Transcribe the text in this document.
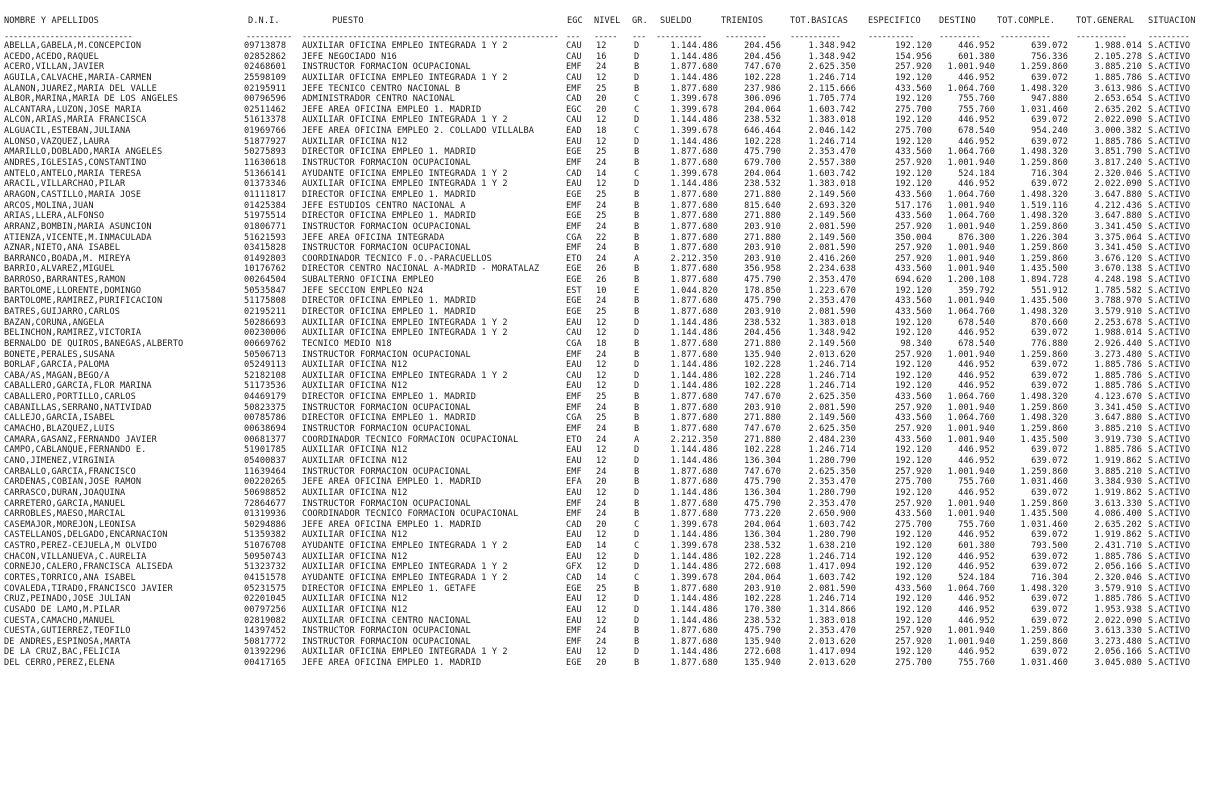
NOMBRE Y APELLIDOS	D.N.I.	PUESTO	EGC	NIVEL	GR.	SUELDO	TRIENIOS	TOT.BASICAS	ESPECIFICO	DESTINO	TOT.COMPLE.	TOT.GENERAL	SITUACION
----------------------------	----------	-------------------------------------------------------- ---	-----	---	----------	---------	-----------	----------	---------	-----------	-----------	---------
ABELLA,GABELA,M.CONCEPCION	09713878	AUXILIAR OFICINA EMPLEO INTEGRADA 1 Y 2	CAU	12	D	1.144.486	204.456	1.348.942	192.120	446.952	639.072	1.988.014 S.ACTIVO
ACEDO,ACEDO,RAQUEL	02852862	JEFE NEGOCIADO N16	CAU	16	D	1.144.486	204.456	1.348.942	154.956	601.380	756.336	2.105.278 S.ACTIVO
ACERO,VILLAN,JAVIER	02468601	INSTRUCTOR FORMACION OCUPACIONAL	EMF	24	B	1.877.680	747.670	2.625.350	257.920	1.001.940	1.259.860	3.885.210 S.ACTIVO
AGUILA,CALVACHE,MARIA-CARMEN	25598109	AUXILIAR OFICINA EMPLEO INTEGRADA 1 Y 2	CAU	12	D	1.144.486	102.228	1.246.714	192.120	446.952	639.072	1.885.786 S.ACTIVO
ALANON,JUAREZ,MARIA DEL VALLE	02195911	JEFE TECNICO CENTRO NACIONAL B	EMF	25	B	1.877.680	237.986	2.115.666	433.560	1.064.760	1.498.320	3.613.986 S.ACTIVO
ALBOR,MARINA,MARIA DE LOS ANGELES	00796596	ADMINISTRADOR CENTRO NACIONAL	CAD	20	C	1.399.678	306.096	1.705.774	192.120	755.760	947.880	2.653.654 S.ACTIVO
ALCANTARA,LUZON,JOSE MARIA	02511462	JEFE AREA OFICINA EMPLEO 1. MADRID	EGC	20	C	1.399.678	204.064	1.603.742	275.700	755.760	1.031.460	2.635.202 S.ACTIVO
ALCON,ARIAS,MARIA FRANCISCA	51613378	AUXILIAR OFICINA EMPLEO INTEGRADA 1 Y 2	CAU	12	D	1.144.486	238.532	1.383.018	192.120	446.952	639.072	2.022.090 S.ACTIVO
ALGUACIL,ESTEBAN,JULIANA	01969766	JEFE AREA OFICINA EMPLEO 2. COLLADO VILLALBA	EAD	18	C	1.399.678	646.464	2.046.142	275.700	678.540	954.240	3.000.382 S.ACTIVO
ALONSO,VAZQUEZ,LAURA	51877927	AUXILIAR OFICINA N12	EAU	12	D	1.144.486	102.228	1.246.714	192.120	446.952	639.072	1.885.786 S.ACTIVO
AMARILLO,DOBLADO,MARIA ANGELES	50275893	DIRECTOR OFICINA EMPLEO 1. MADRID	EGE	25	B	1.877.680	475.790	2.353.470	433.560	1.064.760	1.498.320	3.851.790 S.ACTIVO
ANDRES,IGLESIAS,CONSTANTINO	11630618	INSTRUCTOR FORMACION OCUPACIONAL	EMF	24	B	1.877.680	679.700	2.557.380	257.920	1.001.940	1.259.860	3.817.240 S.ACTIVO
ANTELO,ANTELO,MARIA TERESA	51366141	AYUDANTE OFICINA EMPLEO INTEGRADA 1 Y 2	CAD	14	C	1.399.678	204.064	1.603.742	192.120	524.184	716.304	2.320.046 S.ACTIVO
ARACIL,VILLARCHAO,PILAR	01373346	AUXILIAR OFICINA EMPLEO INTEGRADA 1 Y 2	EAU	12	D	1.144.486	238.532	1.383.018	192.120	446.952	639.072	2.022.090 S.ACTIVO
ARAGON,CASTILLO,MARIA JOSE	01111817	DIRECTOR OFICINA EMPLEO 1. MADRID	EGE	25	B	1.877.680	271.880	2.149.560	433.560	1.064.760	1.498.320	3.647.880 S.ACTIVO
ARCOS,MOLINA,JUAN	01425384	JEFE ESTUDIOS CENTRO NACIONAL A	EMF	24	B	1.877.680	815.640	2.693.320	517.176	1.001.940	1.519.116	4.212.436 S.ACTIVO
ARIAS,LLERA,ALFONSO	51975514	DIRECTOR OFICINA EMPLEO 1. MADRID	EGE	25	B	1.877.680	271.880	2.149.560	433.560	1.064.760	1.498.320	3.647.880 S.ACTIVO
ARRANZ,BOMBIN,MARIA ASUNCION	01806771	INSTRUCTOR FORMACION OCUPACIONAL	EMF	24	B	1.877.680	203.910	2.081.590	257.920	1.001.940	1.259.860	3.341.450 S.ACTIVO
ATIENZA,VICENTE,M.INMACULADA	51621593	JEFE AREA OFICINA INTEGRADA	CGA	22	B	1.877.680	271.880	2.149.560	350.004	876.300	1.226.304	3.375.064 S.ACTIVO
AZNAR,NIETO,ANA ISABEL	03415828	INSTRUCTOR FORMACION OCUPACIONAL	EMF	24	B	1.877.680	203.910	2.081.590	257.920	1.001.940	1.259.860	3.341.450 S.ACTIVO
BARRANCO,BOADA,M. MIREYA	01492803	COORDINADOR TECNICO F.O.-PARACUELLOS	ETO	24	A	2.212.350	203.910	2.416.260	257.920	1.001.940	1.259.860	3.676.120 S.ACTIVO
BARRIO,ALVAREZ,MIGUEL	10176762	DIRECTOR CENTRO NACIONAL A-MADRID - MORATALAZ	EGE	26	B	1.877.680	356.958	2.234.638	433.560	1.001.940	1.435.500	3.670.138 S.ACTIVO
BARROSO,BARRANTES,RAMON	00264504	SUBALTERNO OFICINA EMPLEO	EGE	26	B	1.877.680	475.790	2.353.470	694.620	1.200.108	1.894.728	4.248.198 S.ACTIVO
BARTOLOME,LLORENTE,DOMINGO	50535847	JEFE SECCION EMPLEO N24	EST	10	E	1.044.820	178.850	1.223.670	192.120	359.792	551.912	1.785.582 S.ACTIVO
BARTOLOME,RAMIREZ,PURIFICACION	51175808	DIRECTOR OFICINA EMPLEO 1. MADRID	EGE	24	B	1.877.680	475.790	2.353.470	433.560	1.001.940	1.435.500	3.788.970 S.ACTIVO
BATRES,GUIJARRO,CARLOS	02195211	DIRECTOR OFICINA EMPLEO 1. MADRID	EGE	25	B	1.877.680	203.910	2.081.590	433.560	1.064.760	1.498.320	3.579.910 S.ACTIVO
BAZAN,CORUNA,ANGELA	50286693	AUXILIAR OFICINA EMPLEO INTEGRADA 1 Y 2	EAU	12	D	1.144.486	238.532	1.383.018	192.120	678.540	870.660	2.253.678 S.ACTIVO
BELINCHON,RAMIREZ,VICTORIA	00230006	AUXILIAR OFICINA EMPLEO INTEGRADA 1 Y 2	CAU	12	D	1.144.486	204.456	1.348.942	192.120	446.952	639.072	1.988.014 S.ACTIVO
BERNALDO DE QUIROS,BANEGAS,ALBERTO	00669762	TECNICO MEDIO N18	CGA	18	B	1.877.680	271.880	2.149.560	98.340	678.540	776.880	2.926.440 S.ACTIVO
BONETE,PERALES,SUSANA	50506713	INSTRUCTOR FORMACION OCUPACIONAL	EMF	24	B	1.877.680	135.940	2.013.620	257.920	1.001.940	1.259.860	3.273.480 S.ACTIVO
BORLAF,GARCIA,PALOMA	05249113	AUXILIAR OFICINA N12	EAU	12	D	1.144.486	102.228	1.246.714	192.120	446.952	639.072	1.885.786 S.ACTIVO
CABA/AS,MAGAN,BEGO/A	52182108	AUXILIAR OFICINA EMPLEO INTEGRADA 1 Y 2	CAU	12	D	1.144.486	102.228	1.246.714	192.120	446.952	639.072	1.885.786 S.ACTIVO
CABALLERO,GARCIA,FLOR MARINA	51173536	AUXILIAR OFICINA N12	EAU	12	D	1.144.486	102.228	1.246.714	192.120	446.952	639.072	1.885.786 S.ACTIVO
CABALLERO,PORTILLO,CARLOS	04469179	DIRECTOR OFICINA EMPLEO 1. MADRID	EMF	25	B	1.877.680	747.670	2.625.350	433.560	1.064.760	1.498.320	4.123.670 S.ACTIVO
CABANILLAS,SERRANO,NATIVIDAD	50823375	INSTRUCTOR FORMACION OCUPACIONAL	EMF	24	B	1.877.680	203.910	2.081.590	257.920	1.001.940	1.259.860	3.341.450 S.ACTIVO
CALLEJO,GARCIA,ISABEL	00785786	DIRECTOR OFICINA EMPLEO 1. MADRID	CGA	25	B	1.877.680	271.880	2.149.560	433.560	1.064.760	1.498.320	3.647.880 S.ACTIVO
CAMACHO,BLAZQUEZ,LUIS	00638694	INSTRUCTOR FORMACION OCUPACIONAL	EMF	24	B	1.877.680	747.670	2.625.350	257.920	1.001.940	1.259.860	3.885.210 S.ACTIVO
CAMARA,GASANZ,FERNANDO JAVIER	00681377	COORDINADOR TECNICO FORMACION OCUPACIONAL	ETO	24	A	2.212.350	271.880	2.484.230	433.560	1.001.940	1.435.500	3.919.730 S.ACTIVO
CAMPO,CABLANQUE,FERNANDO E.	51901785	AUXILIAR OFICINA N12	EAU	12	D	1.144.486	102.228	1.246.714	192.120	446.952	639.072	1.885.786 S.ACTIVO
CANO,JIMENEZ,VIRGINIA	05400837	AUXILIAR OFICINA N12	EAU	12	D	1.144.486	136.304	1.280.790	192.120	446.952	639.072	1.919.862 S.ACTIVO
CARBALLO,GARCIA,FRANCISCO	11639464	INSTRUCTOR FORMACION OCUPACIONAL	EMF	24	B	1.877.680	747.670	2.625.350	257.920	1.001.940	1.259.860	3.885.210 S.ACTIVO
CARDENAS,COBIAN,JOSE RAMON	00220265	JEFE AREA OFICINA EMPLEO 1. MADRID	EFA	20	B	1.877.680	475.790	2.353.470	275.700	755.760	1.031.460	3.384.930 S.ACTIVO
CARRASCO,DURAN,JOAQUINA	50698852	AUXILIAR OFICINA N12	EAU	12	D	1.144.486	136.304	1.280.790	192.120	446.952	639.072	1.919.862 S.ACTIVO
CARRETERO,GARCIA,MANUEL	72864677	INSTRUCTOR FORMACION OCUPACIONAL	EMF	24	B	1.877.680	475.790	2.353.470	257.920	1.001.940	1.259.860	3.613.330 S.ACTIVO
CARROBLES,MAESO,MARCIAL	01319936	COORDINADOR TECNICO FORMACION OCUPACIONAL	EMF	24	B	1.877.680	773.220	2.650.900	433.560	1.001.940	1.435.500	4.086.400 S.ACTIVO
CASEMAJOR,MOREJON,LEONISA	50294886	JEFE AREA OFICINA EMPLEO 1. MADRID	CAD	20	C	1.399.678	204.064	1.603.742	275.700	755.760	1.031.460	2.635.202 S.ACTIVO
CASTELLANOS,DELGADO,ENCARNACION	51359382	AUXILIAR OFICINA N12	EAU	12	D	1.144.486	136.304	1.280.790	192.120	446.952	639.072	1.919.862 S.ACTIVO
CASTRO,PEREZ-CEJUELA,M OLVIDO	51076708	AYUDANTE OFICINA EMPLEO INTEGRADA 1 Y 2	EAD	14	C	1.399.678	238.532	1.638.210	192.120	601.380	793.500	2.431.710 S.ACTIVO
CHACON,VILLANUEVA,C.AURELIA	50950743	AUXILIAR OFICINA N12	EAU	12	D	1.144.486	102.228	1.246.714	192.120	446.952	639.072	1.885.786 S.ACTIVO
CORNEJO,CALERO,FRANCISCA ALISEDA	51323732	AUXILIAR OFICINA EMPLEO INTEGRADA 1 Y 2	GFX	12	D	1.144.486	272.608	1.417.094	192.120	446.952	639.072	2.056.166 S.ACTIVO
CORTES,TORRICO,ANA ISABEL	04151578	AYUDANTE OFICINA EMPLEO INTEGRADA 1 Y 2	CAD	14	C	1.399.678	204.064	1.603.742	192.120	524.184	716.304	2.320.046 S.ACTIVO
COVALEDA,TIRADO,FRANCISCO JAVIER	05231575	DIRECTOR OFICINA EMPLEO 1. GETAFE	EGE	25	B	1.877.680	203.910	2.081.590	433.560	1.064.760	1.498.320	3.579.910 S.ACTIVO
CRUZ,PEINADO,JOSE JULIAN	02201045	AUXILIAR OFICINA N12	EAU	12	D	1.144.486	102.228	1.246.714	192.120	446.952	639.072	1.885.786 S.ACTIVO
CUSADO DE LAMO,M.PILAR	00797256	AUXILIAR OFICINA N12	EAU	12	D	1.144.486	170.380	1.314.866	192.120	446.952	639.072	1.953.938 S.ACTIVO
CUESTA,CAMACHO,MANUEL	02819082	AUXILIAR OFICINA CENTRO NACIONAL	EAU	12	D	1.144.486	238.532	1.383.018	192.120	446.952	639.072	2.022.090 S.ACTIVO
CUESTA,GUTIERREZ,TEOFILO	14397452	INSTRUCTOR FORMACION OCUPACIONAL	EMF	24	B	1.877.680	475.790	2.353.470	257.920	1.001.940	1.259.860	3.613.330 S.ACTIVO
DE ANDRES,ESPINOSA,MARTA	50817772	INSTRUCTOR FORMACION OCUPACIONAL	EMF	24	B	1.877.680	135.940	2.013.620	257.920	1.001.940	1.259.860	3.273.480 S.ACTIVO
DE LA CRUZ,BAC,FELICIA	01392296	AUXILIAR OFICINA EMPLEO INTEGRADA 1 Y 2	EAU	12	D	1.144.486	272.608	1.417.094	192.120	446.952	639.072	2.056.166 S.ACTIVO
DEL CERRO,PEREZ,ELENA	00417165	JEFE AREA OFICINA EMPLEO 1. MADRID	EGE	20	B	1.877.680	135.940	2.013.620	275.700	755.760	1.031.460	3.045.080 S.ACTIVO
